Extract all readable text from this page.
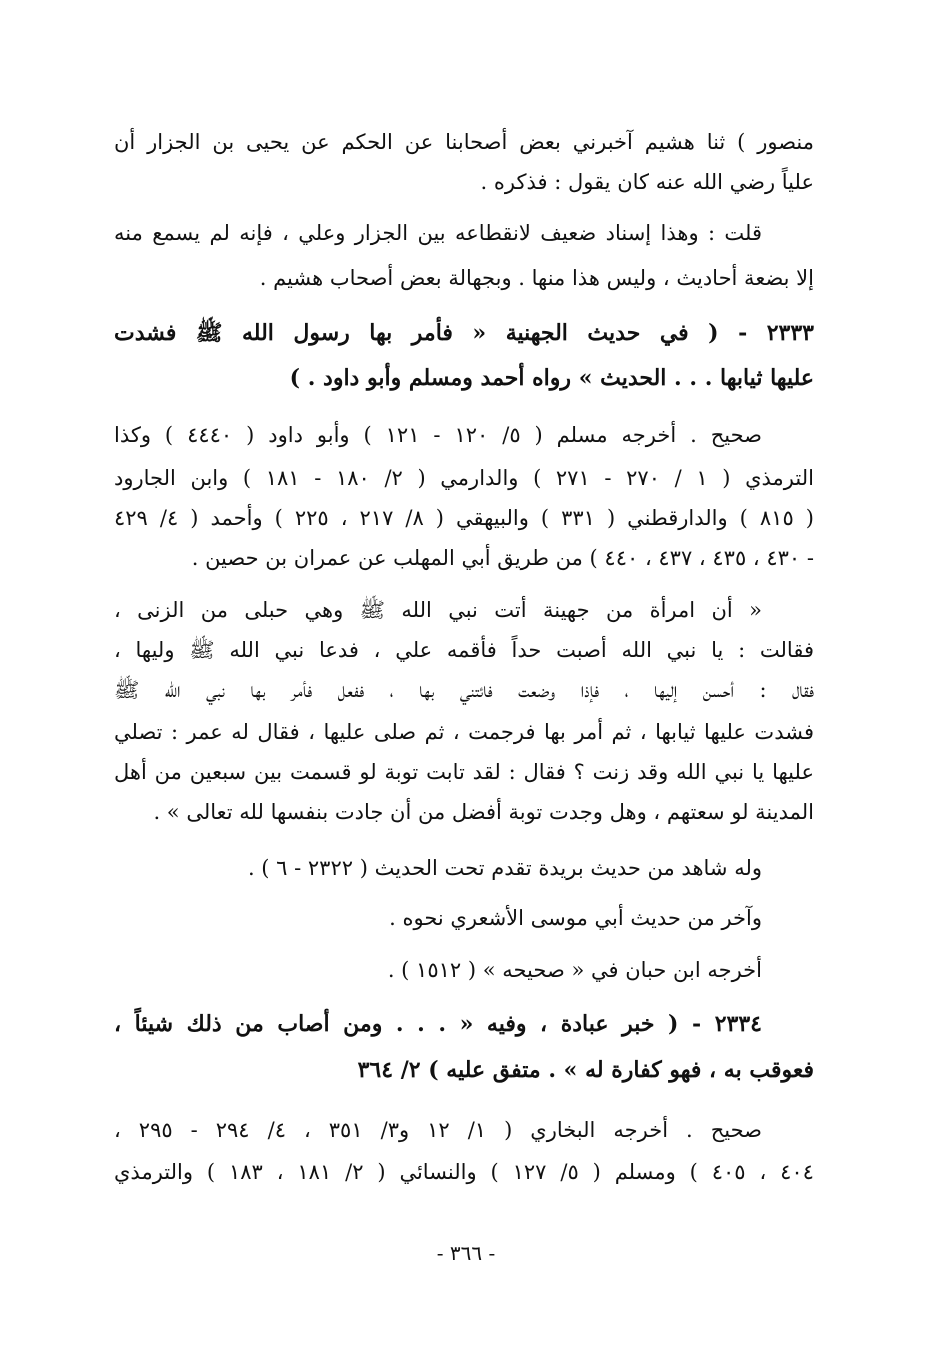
منصور ) ثنا هشيم آخبرني بعض أصحابنا عن الحكم عن يحيى بن الجزار أن
علياً رضي الله عنه كان يقول : فذكره .
قلت : وهذا إسناد ضعيف لانقطاعه بين الجزار وعلي ، فإنه لم يسمع منه
إلا بضعة أحاديث ، وليس هذا منها . وبجهالة بعض أصحاب هشيم .
٢٣٣٣ - ( في حديث الجهنية « فأمر بها رسول الله ﷺ فشدت
عليها ثيابها . . . الحديث » رواه أحمد ومسلم وأبو داود . )
صحيح . أخرجه مسلم ( ٥/ ١٢٠ - ١٢١ ) وأبو داود ( ٤٤٤٠ ) وكذا
الترمذي ( ١ / ٢٧٠ - ٢٧١ ) والدارمي ( ٢/ ١٨٠ - ١٨١ ) وابن الجارود
( ٨١٥ ) والدارقطني ( ٣٣١ ) والبيهقي ( ٨/ ٢١٧ ، ٢٢٥ ) وأحمد ( ٤/ ٤٢٩
- ٤٣٠ ، ٤٣٥ ، ٤٣٧ ، ٤٤٠ ) من طريق أبي المهلب عن عمران بن حصين .
« أن امرأة من جهينة أتت نبي الله ﷺ وهي حبلى من الزنى ،
فقالت : يا نبي الله أصبت حداً فأقمه علي ، فدعا نبي الله ﷺ وليها ،
فقال : أحسن إليها ، فإذا وضعت فائتني بها ، ففعل فأمر بها نبي الله ﷺ
فشدت عليها ثيابها ، ثم أمر بها فرجمت ، ثم صلى عليها ، فقال له عمر : تصلي
عليها يا نبي الله وقد زنت ؟ فقال : لقد تابت توبة لو قسمت بين سبعين من أهل
المدينة لو سعتهم ، وهل وجدت توبة أفضل من أن جادت بنفسها لله تعالى » .
وله شاهد من حديث بريدة تقدم تحت الحديث ( ٢٣٢٢ - ٦ ) .
وآخر من حديث أبي موسى الأشعري نحوه .
أخرجه ابن حبان في « صحيحه » ( ١٥١٢ ) .
٢٣٣٤ - ( خبر عبادة ، وفيه « . . . ومن أصاب من ذلك شيئاً ،
فعوقب به ، فهو كفارة له » . متفق عليه ) ٢/ ٣٦٤
صحيح . أخرجه البخاري ( ١/ ١٢ و٣/ ٣٥١ ، ٤/ ٢٩٤ - ٢٩٥ ،
٤٠٤ ، ٤٠٥ ) ومسلم ( ٥/ ١٢٧ ) والنسائي ( ٢/ ١٨١ ، ١٨٣ ) والترمذي
- ٣٦٦ -
